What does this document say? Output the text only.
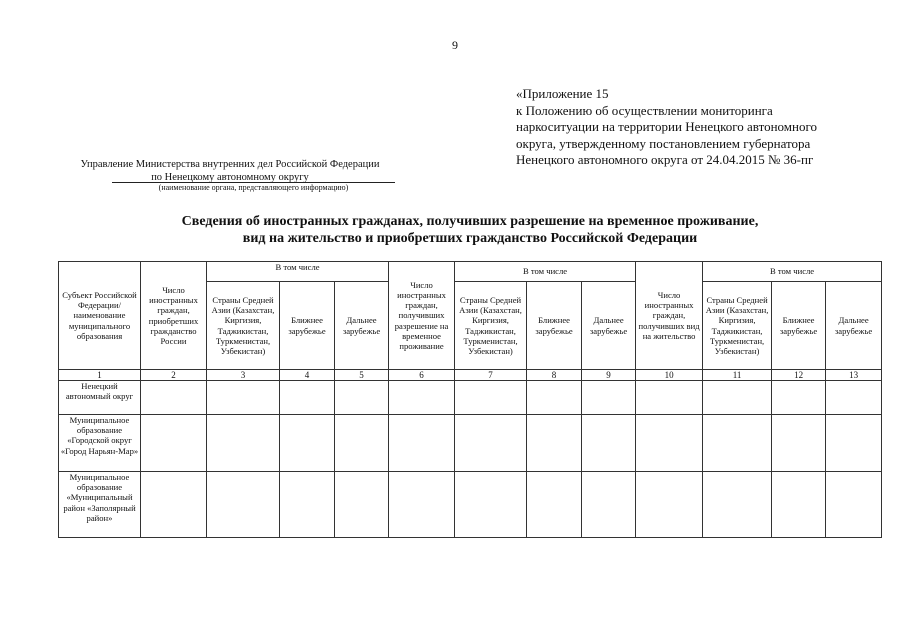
9
«Приложение 15
к Положению об осуществлении мониторинга
наркоситуации на территории Ненецкого автономного
округа, утвержденному постановлением губернатора
Ненецкого автономного округа от 24.04.2015 № 36-пг
Управление Министерства внутренних дел Российской Федерации
по Ненецкому автономному округу
(наименование органа, представляющего информацию)
Сведения об иностранных гражданах, получивших разрешение на временное проживание,
вид на жительство и приобретших гражданство Российской Федерации
Субъект Российской Федерации/ наименование муниципального образования	Число иностранных граждан, приобретших гражданство России	В том числе			Число иностранных граждан, получивших разрешение на временное проживание	В том числе			Число иностранных граждан, получивших вид на жительство	В том числе		
		Страны Средней Азии (Казахстан, Киргизия, Таджикистан, Туркменистан, Узбекистан)	Ближнее зарубежье	Дальнее зарубежье		Страны Средней Азии (Казахстан, Киргизия, Таджикистан, Туркменистан, Узбекистан)	Ближнее зарубежье	Дальнее зарубежье		Страны Средней Азии (Казахстан, Киргизия, Таджикистан, Туркменистан, Узбекистан)	Ближнее зарубежье	Дальнее зарубежье
1	2	3	4	5	6	7	8	9	10	11	12	13
Ненецкий автономный округ												
Муниципальное образование «Городской округ «Город Нарьян-Мар»												
Муниципальное образование «Муниципальный район «Заполярный район»												
